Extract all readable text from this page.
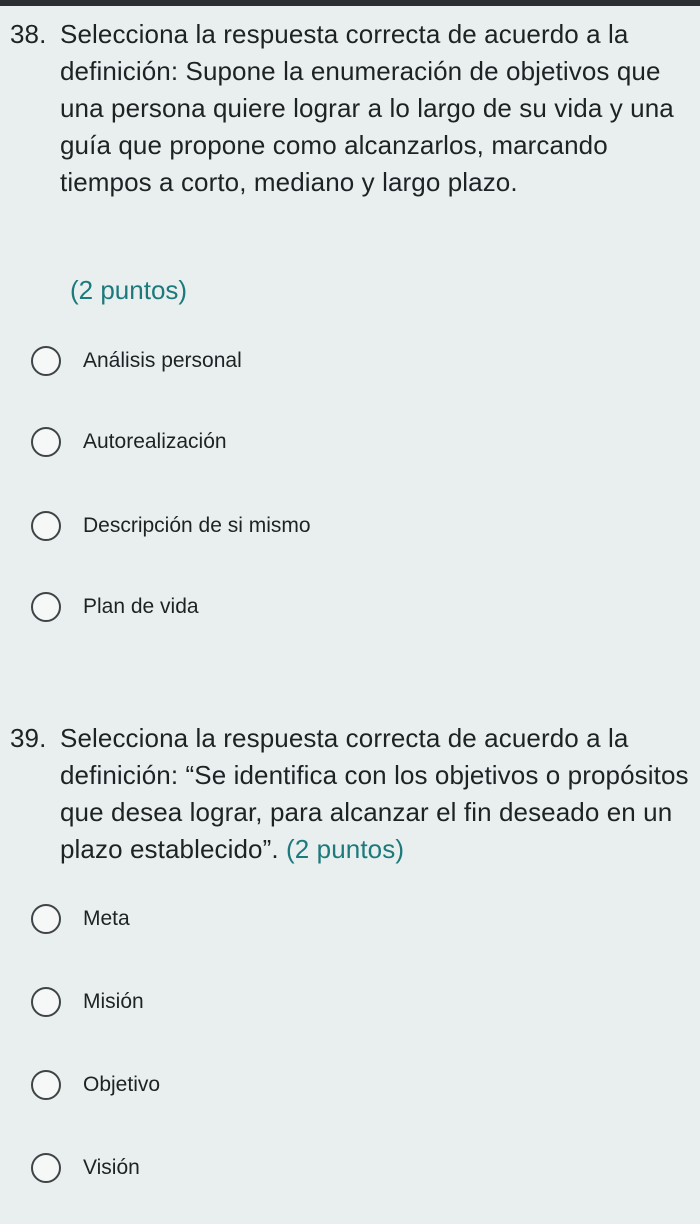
38. Selecciona la respuesta correcta de acuerdo a la definición: Supone la enumeración de objetivos que una persona quiere lograr a lo largo de su vida y una guía que propone como alcanzarlos, marcando tiempos a corto, mediano y largo plazo.
(2 puntos)
Análisis personal
Autorealización
Descripción de si mismo
Plan de vida
39. Selecciona la respuesta correcta de acuerdo a la definición: “Se identifica con los objetivos o propósitos que desea lograr, para alcanzar el fin deseado en un plazo establecido”. (2 puntos)
Meta
Misión
Objetivo
Visión
